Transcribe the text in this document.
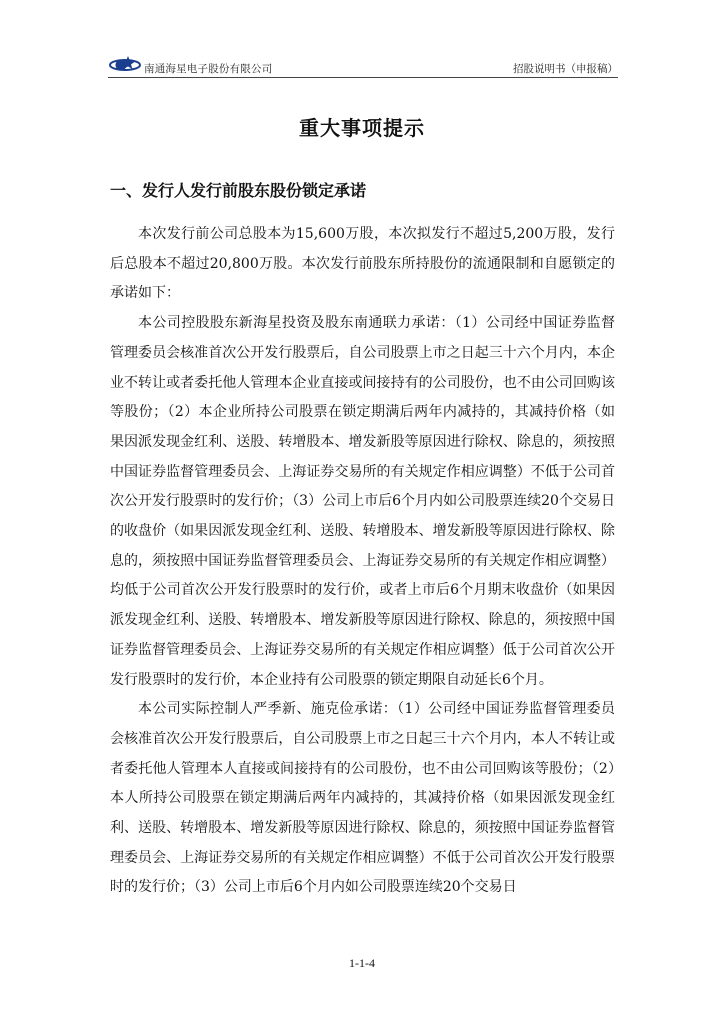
南通海星电子股份有限公司	招股说明书（申报稿）
重大事项提示
一、发行人发行前股东股份锁定承诺

本次发行前公司总股本为15,600万股，本次拟发行不超过5,200万股，发行后总股本不超过20,800万股。本次发行前股东所持股份的流通限制和自愿锁定的承诺如下：

本公司控股股东新海星投资及股东南通联力承诺：（1）公司经中国证券监督管理委员会核准首次公开发行股票后，自公司股票上市之日起三十六个月内，本企业不转让或者委托他人管理本企业直接或间接持有的公司股份，也不由公司回购该等股份；（2）本企业所持公司股票在锁定期满后两年内减持的，其减持价格（如果因派发现金红利、送股、转增股本、增发新股等原因进行除权、除息的，须按照中国证券监督管理委员会、上海证券交易所的有关规定作相应调整）不低于公司首次公开发行股票时的发行价；（3）公司上市后6个月内如公司股票连续20个交易日的收盘价（如果因派发现金红利、送股、转增股本、增发新股等原因进行除权、除息的，须按照中国证券监督管理委员会、上海证券交易所的有关规定作相应调整）均低于公司首次公开发行股票时的发行价，或者上市后6个月期末收盘价（如果因派发现金红利、送股、转增股本、增发新股等原因进行除权、除息的，须按照中国证券监督管理委员会、上海证券交易所的有关规定作相应调整）低于公司首次公开发行股票时的发行价，本企业持有公司股票的锁定期限自动延长6个月。

本公司实际控制人严季新、施克俭承诺：（1）公司经中国证券监督管理委员会核准首次公开发行股票后，自公司股票上市之日起三十六个月内，本人不转让或者委托他人管理本人直接或间接持有的公司股份，也不由公司回购该等股份；（2）本人所持公司股票在锁定期满后两年内减持的，其减持价格（如果因派发现金红利、送股、转增股本、增发新股等原因进行除权、除息的，须按照中国证券监督管理委员会、上海证券交易所的有关规定作相应调整）不低于公司首次公开发行股票时的发行价；（3）公司上市后6个月内如公司股票连续20个交易日

1-1-4
